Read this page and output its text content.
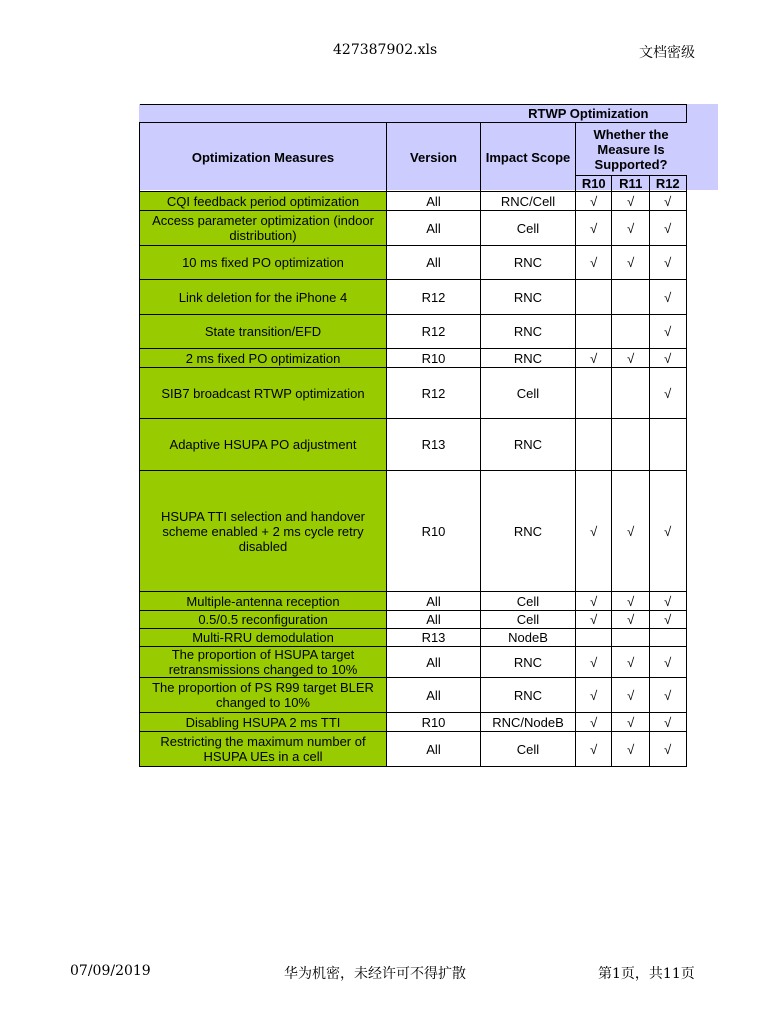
427387902.xls	文档密级
RTWP Optimization					
Optimization Measures	Version	Impact Scope	Whether the Measure Is Supported?		

			R10	R11	R12
CQI feedback period optimization	All	RNC/Cell	√	√	√
Access parameter optimization (indoor distribution)	All	Cell	√	√	√
10 ms fixed PO optimization	All	RNC	√	√	√
Link deletion for the iPhone 4	R12	RNC			√
State transition/EFD	R12	RNC			√
2 ms fixed PO optimization	R10	RNC	√	√	√
SIB7 broadcast RTWP optimization	R12	Cell			√
Adaptive HSUPA PO adjustment	R13	RNC			
HSUPA TTI selection and handover scheme enabled + 2 ms cycle retry disabled	R10	RNC	√	√	√
Multiple-antenna reception	All	Cell	√	√	√
0.5/0.5 reconfiguration	All	Cell	√	√	√
Multi-RRU demodulation	R13	NodeB			
The proportion of HSUPA target retransmissions changed to 10%	All	RNC	√	√	√
The proportion of PS R99 target BLER changed to 10%	All	RNC	√	√	√
Disabling HSUPA 2 ms TTI	R10	RNC/NodeB	√	√	√
Restricting the maximum number of HSUPA UEs in a cell	All	Cell	√	√	√
07/09/2019	华为机密，未经许可不得扩散	第1页，共11页
